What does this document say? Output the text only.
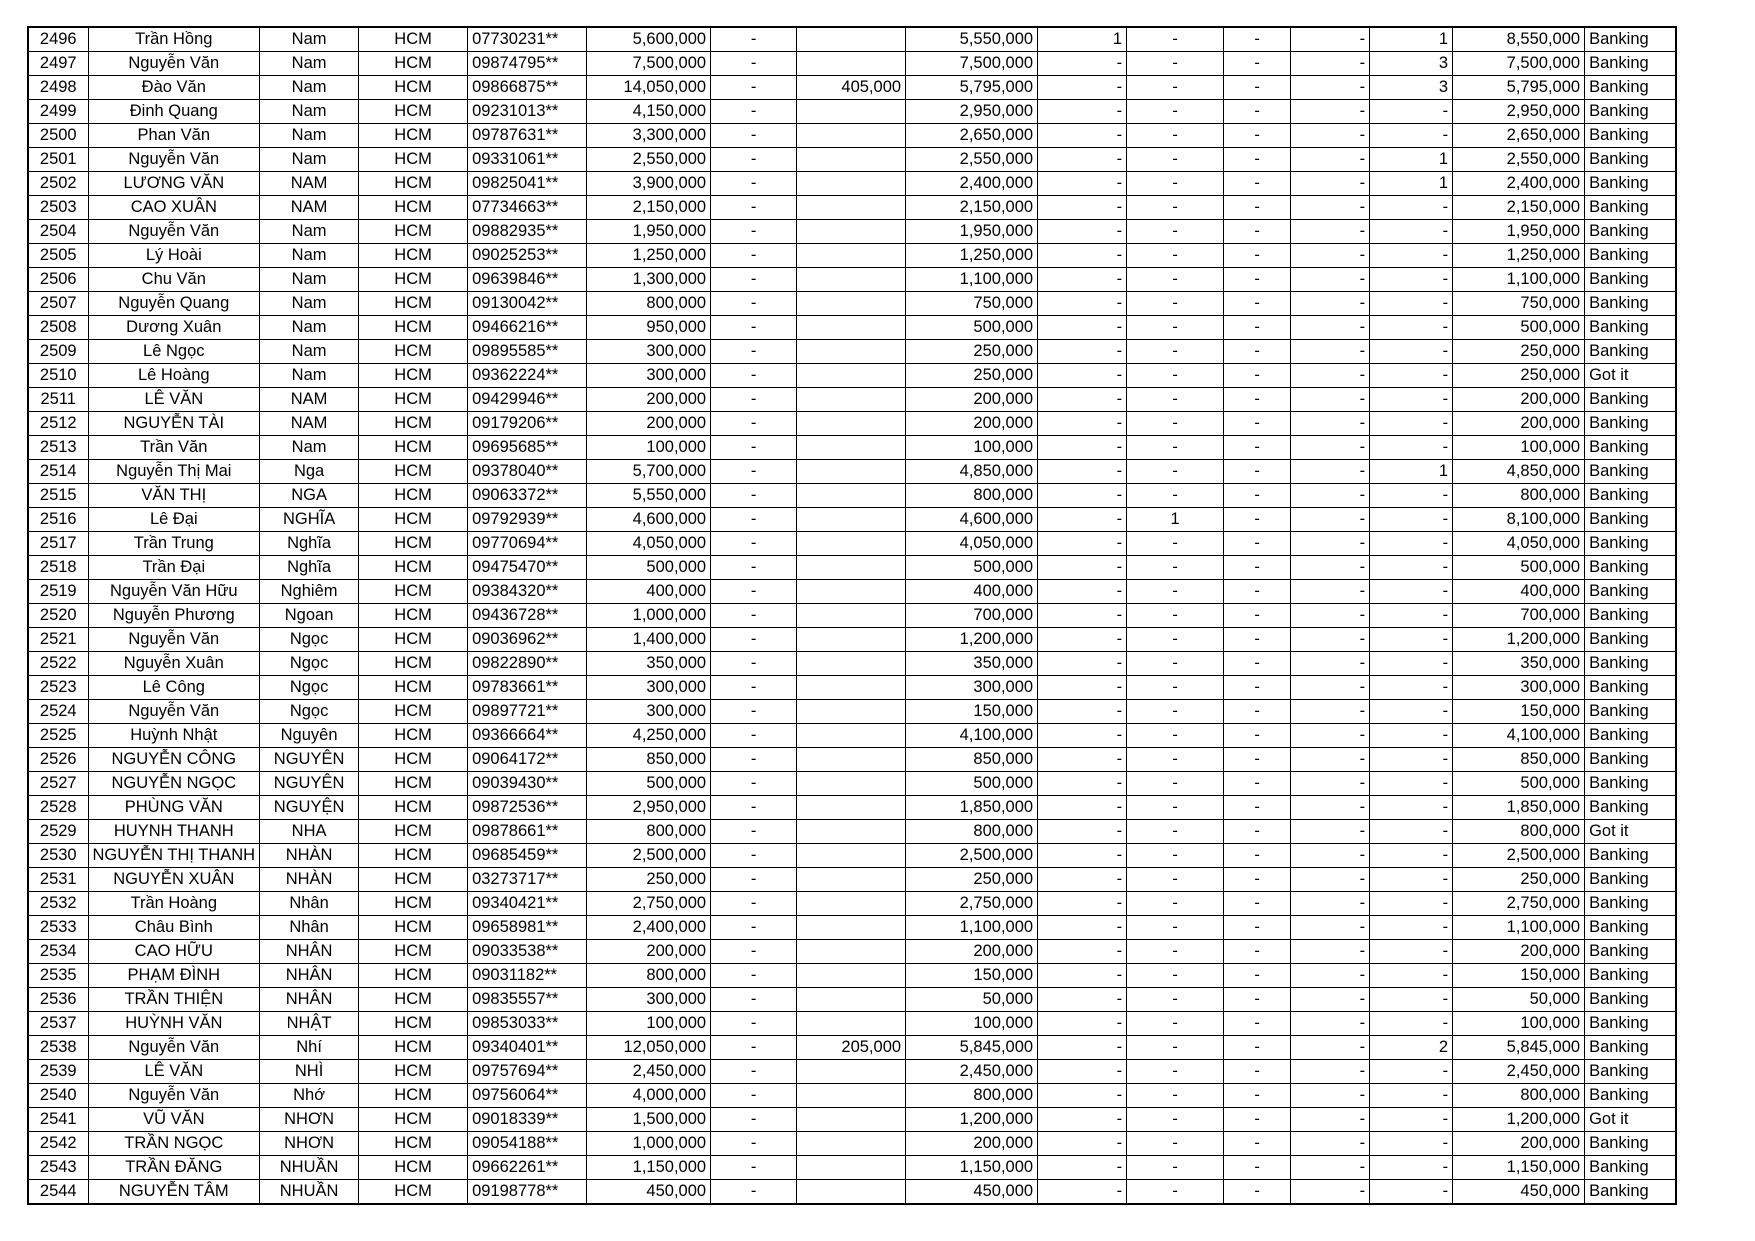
2496	Trần Hồng	Nam	HCM	07730231**	5,600,000	-		5,550,000	1	-	-	-	1	8,550,000	Banking
2497	Nguyễn Văn	Nam	HCM	09874795**	7,500,000	-		7,500,000	-	-	-	-	3	7,500,000	Banking
2498	Đào Văn	Nam	HCM	09866875**	14,050,000	-	405,000	5,795,000	-	-	-	-	3	5,795,000	Banking
2499	Đinh Quang	Nam	HCM	09231013**	4,150,000	-		2,950,000	-	-	-	-	-	2,950,000	Banking
2500	Phan Văn	Nam	HCM	09787631**	3,300,000	-		2,650,000	-	-	-	-	-	2,650,000	Banking
2501	Nguyễn Văn	Nam	HCM	09331061**	2,550,000	-		2,550,000	-	-	-	-	1	2,550,000	Banking
2502	LƯƠNG VĂN	NAM	HCM	09825041**	3,900,000	-		2,400,000	-	-	-	-	1	2,400,000	Banking
2503	CAO XUÂN	NAM	HCM	07734663**	2,150,000	-		2,150,000	-	-	-	-	-	2,150,000	Banking
2504	Nguyễn Văn	Nam	HCM	09882935**	1,950,000	-		1,950,000	-	-	-	-	-	1,950,000	Banking
2505	Lý Hoài	Nam	HCM	09025253**	1,250,000	-		1,250,000	-	-	-	-	-	1,250,000	Banking
2506	Chu Văn	Nam	HCM	09639846**	1,300,000	-		1,100,000	-	-	-	-	-	1,100,000	Banking
2507	Nguyễn Quang	Nam	HCM	09130042**	800,000	-		750,000	-	-	-	-	-	750,000	Banking
2508	Dương Xuân	Nam	HCM	09466216**	950,000	-		500,000	-	-	-	-	-	500,000	Banking
2509	Lê Ngọc	Nam	HCM	09895585**	300,000	-		250,000	-	-	-	-	-	250,000	Banking
2510	Lê Hoàng	Nam	HCM	09362224**	300,000	-		250,000	-	-	-	-	-	250,000	Got it
2511	LÊ VĂN	NAM	HCM	09429946**	200,000	-		200,000	-	-	-	-	-	200,000	Banking
2512	NGUYỄN TÀI	NAM	HCM	09179206**	200,000	-		200,000	-	-	-	-	-	200,000	Banking
2513	Trần Văn	Nam	HCM	09695685**	100,000	-		100,000	-	-	-	-	-	100,000	Banking
2514	Nguyễn Thị Mai	Nga	HCM	09378040**	5,700,000	-		4,850,000	-	-	-	-	1	4,850,000	Banking
2515	VĂN THỊ	NGA	HCM	09063372**	5,550,000	-		800,000	-	-	-	-	-	800,000	Banking
2516	Lê Đại	NGHĨA	HCM	09792939**	4,600,000	-		4,600,000	-	1	-	-	-	8,100,000	Banking
2517	Trần Trung	Nghĩa	HCM	09770694**	4,050,000	-		4,050,000	-	-	-	-	-	4,050,000	Banking
2518	Trần Đại	Nghĩa	HCM	09475470**	500,000	-		500,000	-	-	-	-	-	500,000	Banking
2519	Nguyễn Văn Hữu	Nghiêm	HCM	09384320**	400,000	-		400,000	-	-	-	-	-	400,000	Banking
2520	Nguyễn Phương	Ngoan	HCM	09436728**	1,000,000	-		700,000	-	-	-	-	-	700,000	Banking
2521	Nguyễn Văn	Ngọc	HCM	09036962**	1,400,000	-		1,200,000	-	-	-	-	-	1,200,000	Banking
2522	Nguyễn Xuân	Ngọc	HCM	09822890**	350,000	-		350,000	-	-	-	-	-	350,000	Banking
2523	Lê Công	Ngọc	HCM	09783661**	300,000	-		300,000	-	-	-	-	-	300,000	Banking
2524	Nguyễn Văn	Ngọc	HCM	09897721**	300,000	-		150,000	-	-	-	-	-	150,000	Banking
2525	Huỳnh Nhật	Nguyên	HCM	09366664**	4,250,000	-		4,100,000	-	-	-	-	-	4,100,000	Banking
2526	NGUYỄN CÔNG	NGUYÊN	HCM	09064172**	850,000	-		850,000	-	-	-	-	-	850,000	Banking
2527	NGUYỄN NGỌC	NGUYÊN	HCM	09039430**	500,000	-		500,000	-	-	-	-	-	500,000	Banking
2528	PHÙNG VĂN	NGUYỆN	HCM	09872536**	2,950,000	-		1,850,000	-	-	-	-	-	1,850,000	Banking
2529	HUYNH THANH	NHA	HCM	09878661**	800,000	-		800,000	-	-	-	-	-	800,000	Got it
2530	NGUYỄN THỊ THANH	NHÀN	HCM	09685459**	2,500,000	-		2,500,000	-	-	-	-	-	2,500,000	Banking
2531	NGUYỄN XUÂN	NHÀN	HCM	03273717**	250,000	-		250,000	-	-	-	-	-	250,000	Banking
2532	Trần Hoàng	Nhân	HCM	09340421**	2,750,000	-		2,750,000	-	-	-	-	-	2,750,000	Banking
2533	Châu Bình	Nhân	HCM	09658981**	2,400,000	-		1,100,000	-	-	-	-	-	1,100,000	Banking
2534	CAO HỮU	NHÂN	HCM	09033538**	200,000	-		200,000	-	-	-	-	-	200,000	Banking
2535	PHẠM ĐÌNH	NHÂN	HCM	09031182**	800,000	-		150,000	-	-	-	-	-	150,000	Banking
2536	TRẦN THIỆN	NHÂN	HCM	09835557**	300,000	-		50,000	-	-	-	-	-	50,000	Banking
2537	HUỲNH VĂN	NHẬT	HCM	09853033**	100,000	-		100,000	-	-	-	-	-	100,000	Banking
2538	Nguyễn Văn	Nhí	HCM	09340401**	12,050,000	-	205,000	5,845,000	-	-	-	-	2	5,845,000	Banking
2539	LÊ VĂN	NHÌ	HCM	09757694**	2,450,000	-		2,450,000	-	-	-	-	-	2,450,000	Banking
2540	Nguyễn Văn	Nhớ	HCM	09756064**	4,000,000	-		800,000	-	-	-	-	-	800,000	Banking
2541	VŨ VĂN	NHƠN	HCM	09018339**	1,500,000	-		1,200,000	-	-	-	-	-	1,200,000	Got it
2542	TRẦN NGỌC	NHƠN	HCM	09054188**	1,000,000	-		200,000	-	-	-	-	-	200,000	Banking
2543	TRẦN ĐĂNG	NHUẦN	HCM	09662261**	1,150,000	-		1,150,000	-	-	-	-	-	1,150,000	Banking
2544	NGUYỄN TÂM	NHUẦN	HCM	09198778**	450,000	-		450,000	-	-	-	-	-	450,000	Banking
